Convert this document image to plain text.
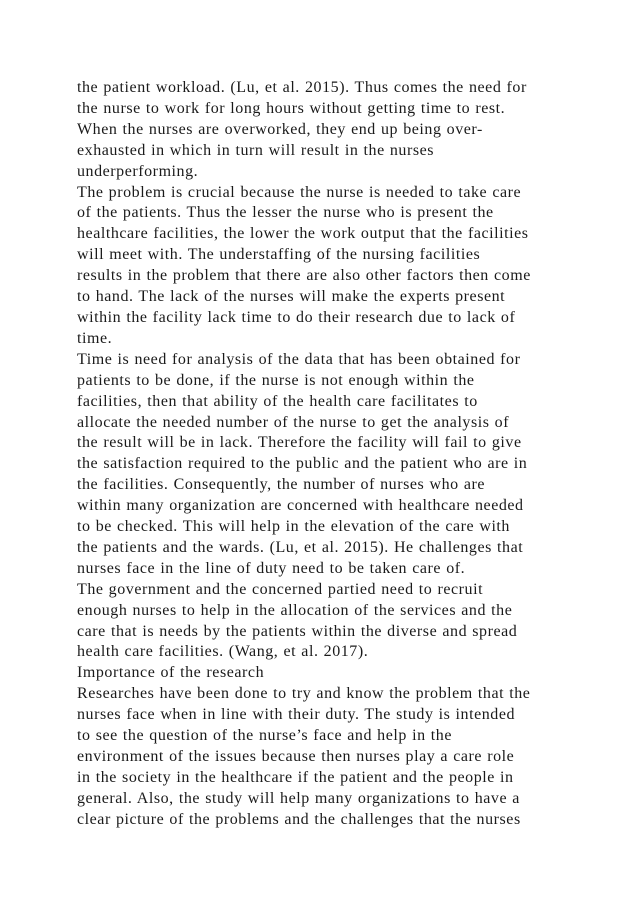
the patient workload. (Lu, et al. 2015). Thus comes the need for
the nurse to work for long hours without getting time to rest.
When the nurses are overworked, they end up being over-
exhausted in which in turn will result in the nurses
underperforming.
The problem is crucial because the nurse is needed to take care
of the patients. Thus the lesser the nurse who is present the
healthcare facilities, the lower the work output that the facilities
will meet with. The understaffing of the nursing facilities
results in the problem that there are also other factors then come
to hand. The lack of the nurses will make the experts present
within the facility lack time to do their research due to lack of
time.
Time is need for analysis of the data that has been obtained for
patients to be done, if the nurse is not enough within the
facilities, then that ability of the health care facilitates to
allocate the needed number of the nurse to get the analysis of
the result will be in lack. Therefore the facility will fail to give
the satisfaction required to the public and the patient who are in
the facilities. Consequently, the number of nurses who are
within many organization are concerned with healthcare needed
to be checked. This will help in the elevation of the care with
the patients and the wards. (Lu, et al. 2015). He challenges that
nurses face in the line of duty need to be taken care of.
The government and the concerned partied need to recruit
enough nurses to help in the allocation of the services and the
care that is needs by the patients within the diverse and spread
health care facilities. (Wang, et al. 2017).
Importance of the research
Researches have been done to try and know the problem that the
nurses face when in line with their duty. The study is intended
to see the question of the nurse’s face and help in the
environment of the issues because then nurses play a care role
in the society in the healthcare if the patient and the people in
general. Also, the study will help many organizations to have a
clear picture of the problems and the challenges that the nurses
